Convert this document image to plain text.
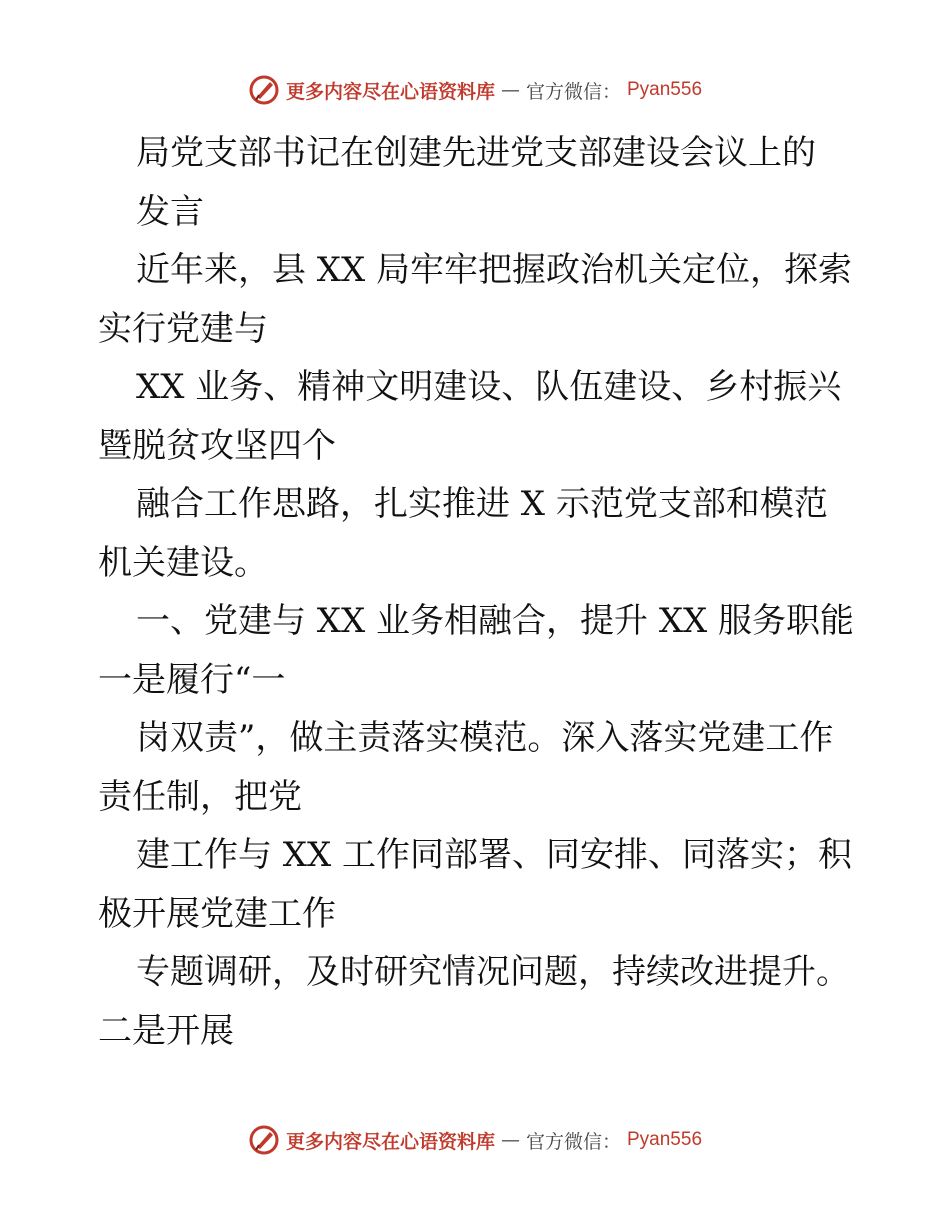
更多内容尽在心语资料库 — 官方微信： Pyan556
局党支部书记在创建先进党支部建设会议上的
发言
近年来，县 XX 局牢牢把握政治机关定位，探索
实行党建与
XX 业务、精神文明建设、队伍建设、乡村振兴
暨脱贫攻坚四个
融合工作思路，扎实推进 X 示范党支部和模范
机关建设。
一、党建与 XX 业务相融合，提升 XX 服务职能
一是履行“一
岗双责”，做主责落实模范。深入落实党建工作
责任制，把党
建工作与 XX 工作同部署、同安排、同落实；积
极开展党建工作
专题调研，及时研究情况问题，持续改进提升。
二是开展
更多内容尽在心语资料库 — 官方微信： Pyan556
